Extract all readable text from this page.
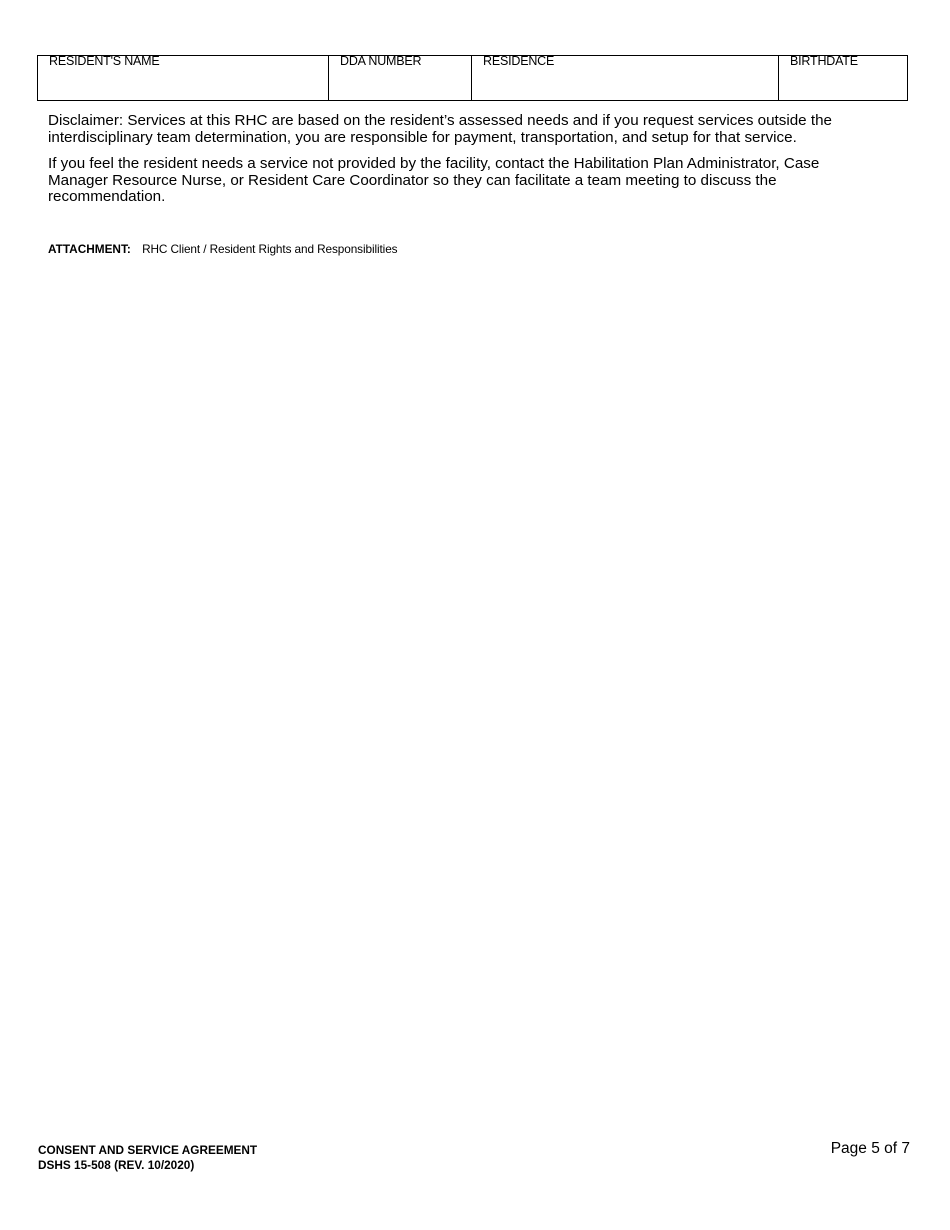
RESIDENT'S NAME	DDA NUMBER	RESIDENCE	BIRTHDATE

Disclaimer: Services at this RHC are based on the resident’s assessed needs and if you request services outside the interdisciplinary team determination, you are responsible for payment, transportation, and setup for that service.

If you feel the resident needs a service not provided by the facility, contact the Habilitation Plan Administrator, Case Manager Resource Nurse, or Resident Care Coordinator so they can facilitate a team meeting to discuss the recommendation.

ATTACHMENT: RHC Client / Resident Rights and Responsibilities
CONSENT AND SERVICE AGREEMENT
DSHS 15-508 (REV. 10/2020)
Page 5 of 7
